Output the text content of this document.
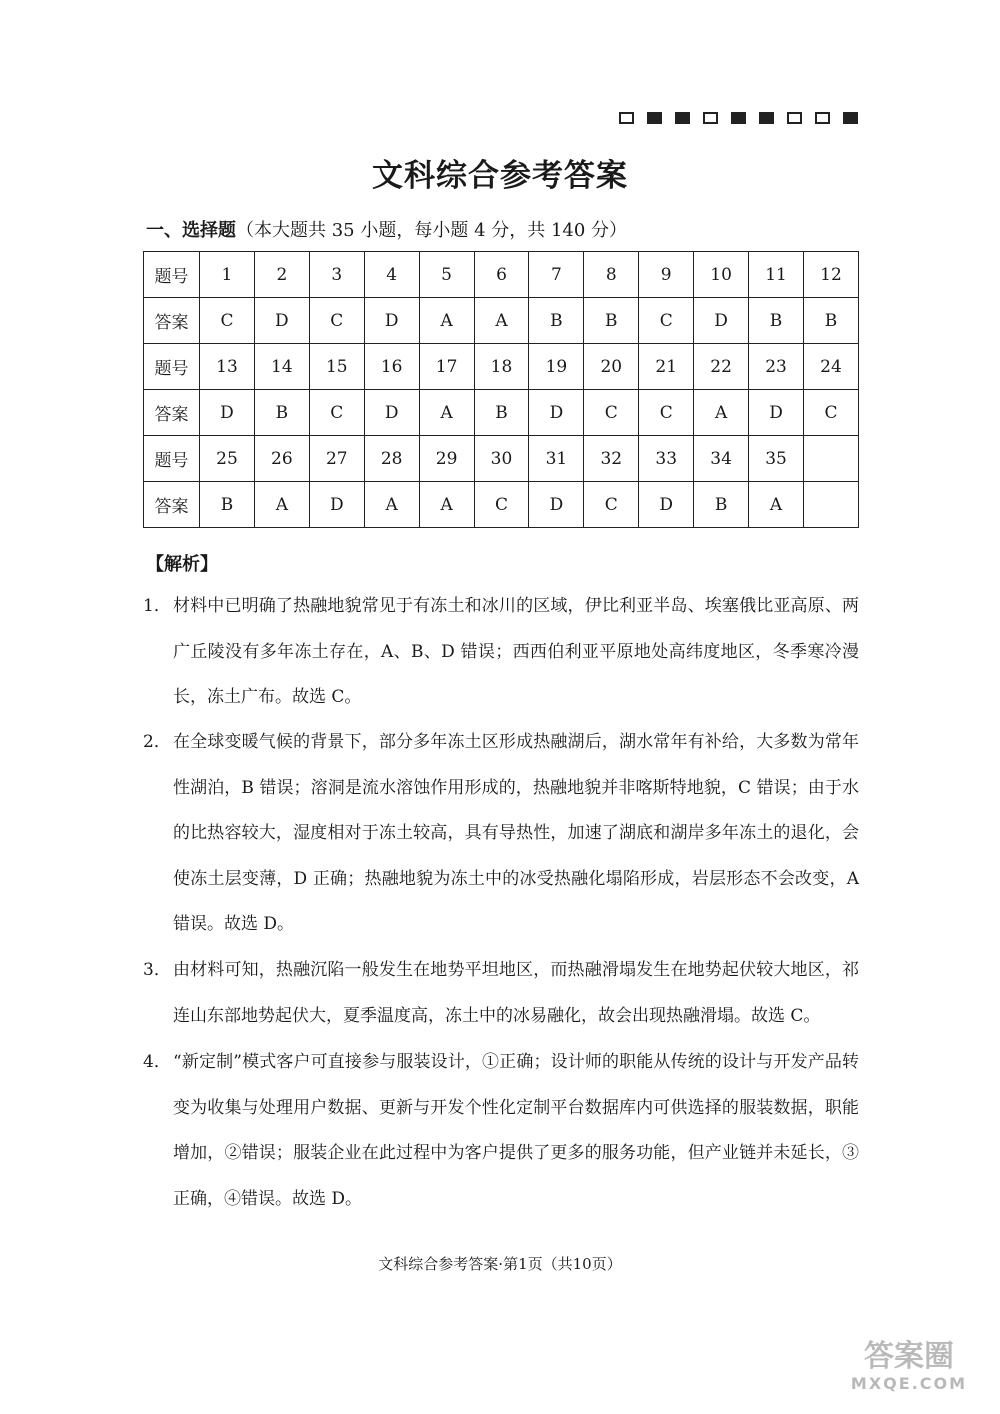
文科综合参考答案
一、选择题（本大题共 35 小题，每小题 4 分，共 140 分）
题号	1	2	3	4	5	6	7	8	9	10	11	12
答案	C	D	C	D	A	A	B	B	C	D	B	B
题号	13	14	15	16	17	18	19	20	21	22	23	24
答案	D	B	C	D	A	B	D	C	C	A	D	C
题号	25	26	27	28	29	30	31	32	33	34	35	
答案	B	A	D	A	A	C	D	C	D	B	A	
【解析】
1． 材料中已明确了热融地貌常见于有冻土和冰川的区域，伊比利亚半岛、埃塞俄比亚高原、两广丘陵没有多年冻土存在，A、B、D 错误；西西伯利亚平原地处高纬度地区，冬季寒冷漫长，冻土广布。故选 C。
2． 在全球变暖气候的背景下，部分多年冻土区形成热融湖后，湖水常年有补给，大多数为常年性湖泊，B 错误；溶洞是流水溶蚀作用形成的，热融地貌并非喀斯特地貌，C 错误；由于水的比热容较大，湿度相对于冻土较高，具有导热性，加速了湖底和湖岸多年冻土的退化，会使冻土层变薄，D 正确；热融地貌为冻土中的冰受热融化塌陷形成，岩层形态不会改变，A 错误。故选 D。
3． 由材料可知，热融沉陷一般发生在地势平坦地区，而热融滑塌发生在地势起伏较大地区，祁连山东部地势起伏大，夏季温度高，冻土中的冰易融化，故会出现热融滑塌。故选 C。
4． “新定制”模式客户可直接参与服装设计，①正确；设计师的职能从传统的设计与开发产品转变为收集与处理用户数据、更新与开发个性化定制平台数据库内可供选择的服装数据，职能增加，②错误；服装企业在此过程中为客户提供了更多的服务功能，但产业链并未延长，③正确，④错误。故选 D。
文科综合参考答案·第1页（共10页）
答案圈
MXQE.COM
